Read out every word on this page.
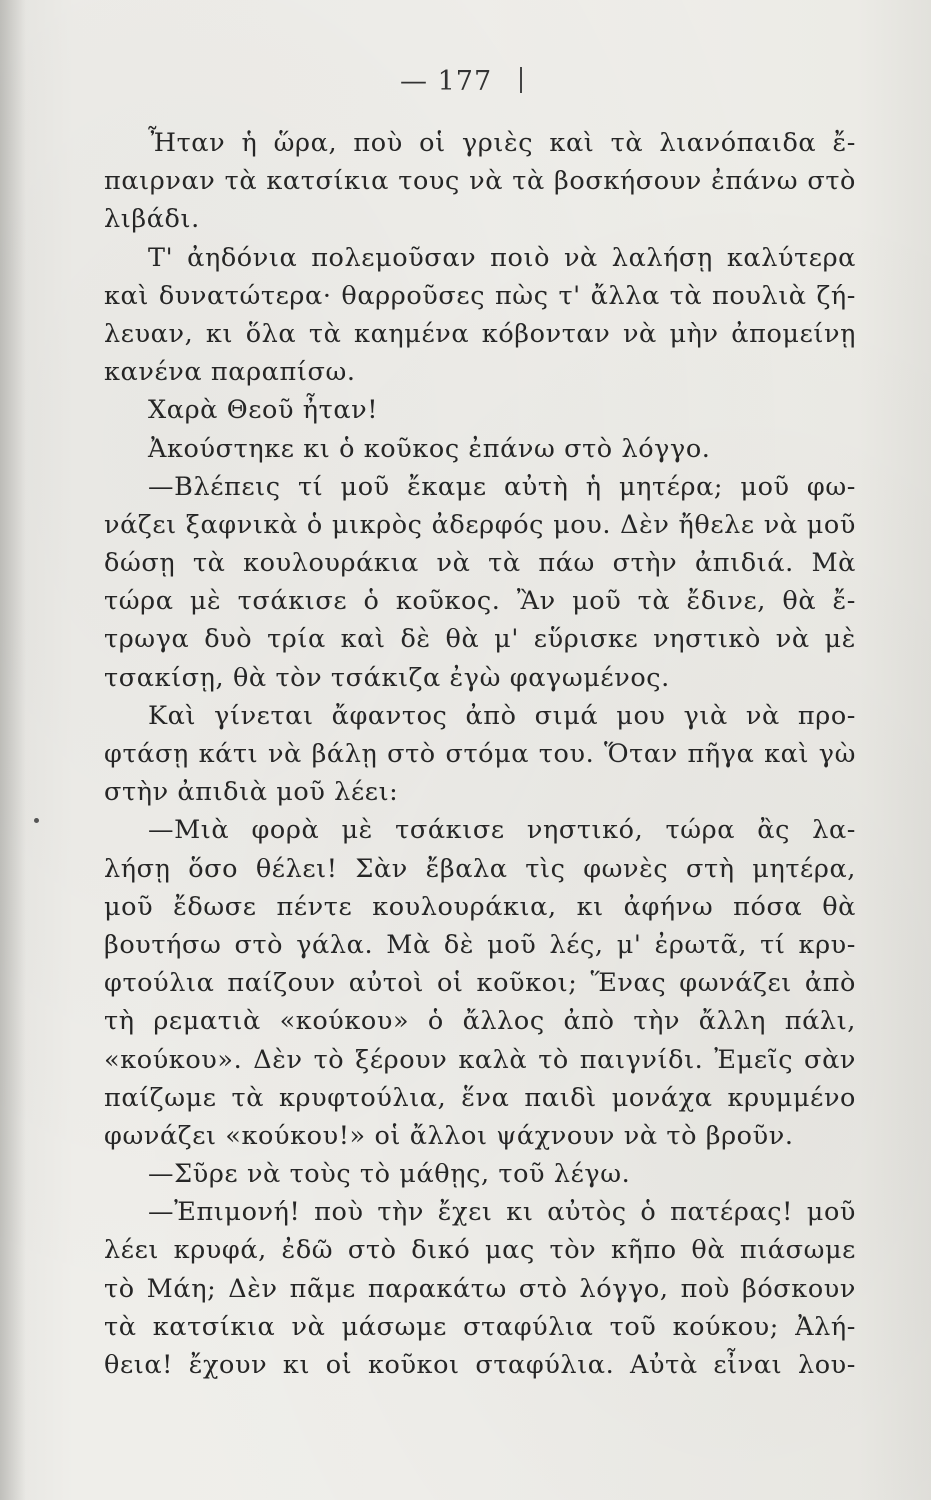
— 177
Ἦταν ἡ ὥρα, ποὺ οἱ γριὲς καὶ τὰ λιανόπαιδα ἔ-
παιρναν τὰ κατσίκια τους νὰ τὰ βοσκήσουν ἐπάνω στὸ
λιβάδι.
Τ' ἀηδόνια πολεμοῦσαν ποιὸ νὰ λαλήσῃ καλύτερα
καὶ δυνατώτερα· θαρροῦσες πὼς τ' ἄλλα τὰ πουλιὰ ζή-
λευαν, κι ὅλα τὰ καημένα κόβονταν νὰ μὴν ἀπομείνῃ
κανένα παραπίσω.
Χαρὰ Θεοῦ ἦταν!
Ἀκούστηκε κι ὁ κοῦκος ἐπάνω στὸ λόγγο.
—Βλέπεις τί μοῦ ἔκαμε αὐτὴ ἡ μητέρα; μοῦ φω-
νάζει ξαφνικὰ ὁ μικρὸς ἀδερφός μου. Δὲν ἤθελε νὰ μοῦ
δώσῃ τὰ κουλουράκια νὰ τὰ πάω στὴν ἀπιδιά. Μὰ
τώρα μὲ τσάκισε ὁ κοῦκος. Ἂν μοῦ τὰ ἔδινε, θὰ ἔ-
τρωγα δυὸ τρία καὶ δὲ θὰ μ' εὕρισκε νηστικὸ νὰ μὲ
τσακίσῃ, θὰ τὸν τσάκιζα ἐγὼ φαγωμένος.
Καὶ γίνεται ἄφαντος ἀπὸ σιμά μου γιὰ νὰ προ-
φτάσῃ κάτι νὰ βάλῃ στὸ στόμα του. Ὅταν πῆγα καὶ γὼ
στὴν ἀπιδιὰ μοῦ λέει:
—Μιὰ φορὰ μὲ τσάκισε νηστικό, τώρα ἂς λα-
λήσῃ ὅσο θέλει! Σὰν ἔβαλα τὶς φωνὲς στὴ μητέρα,
μοῦ ἔδωσε πέντε κουλουράκια, κι ἀφήνω πόσα θὰ
βουτήσω στὸ γάλα. Μὰ δὲ μοῦ λές, μ' ἐρωτᾶ, τί κρυ-
φτούλια παίζουν αὐτοὶ οἱ κοῦκοι; Ἕνας φωνάζει ἀπὸ
τὴ ρεματιὰ «κούκου» ὁ ἄλλος ἀπὸ τὴν ἄλλη πάλι,
«κούκου». Δὲν τὸ ξέρουν καλὰ τὸ παιγνίδι. Ἐμεῖς σὰν
παίζωμε τὰ κρυφτούλια, ἕνα παιδὶ μονάχα κρυμμένο
φωνάζει «κούκου!» οἱ ἄλλοι ψάχνουν νὰ τὸ βροῦν.
—Σῦρε νὰ τοὺς τὸ μάθῃς, τοῦ λέγω.
—Ἐπιμονή! ποὺ τὴν ἔχει κι αὐτὸς ὁ πατέρας! μοῦ
λέει κρυφά, ἐδῶ στὸ δικό μας τὸν κῆπο θὰ πιάσωμε
τὸ Μάη; Δὲν πᾶμε παρακάτω στὸ λόγγο, ποὺ βόσκουν
τὰ κατσίκια νὰ μάσωμε σταφύλια τοῦ κούκου; Ἀλή-
θεια! ἔχουν κι οἱ κοῦκοι σταφύλια. Αὐτὰ εἶναι λου-
